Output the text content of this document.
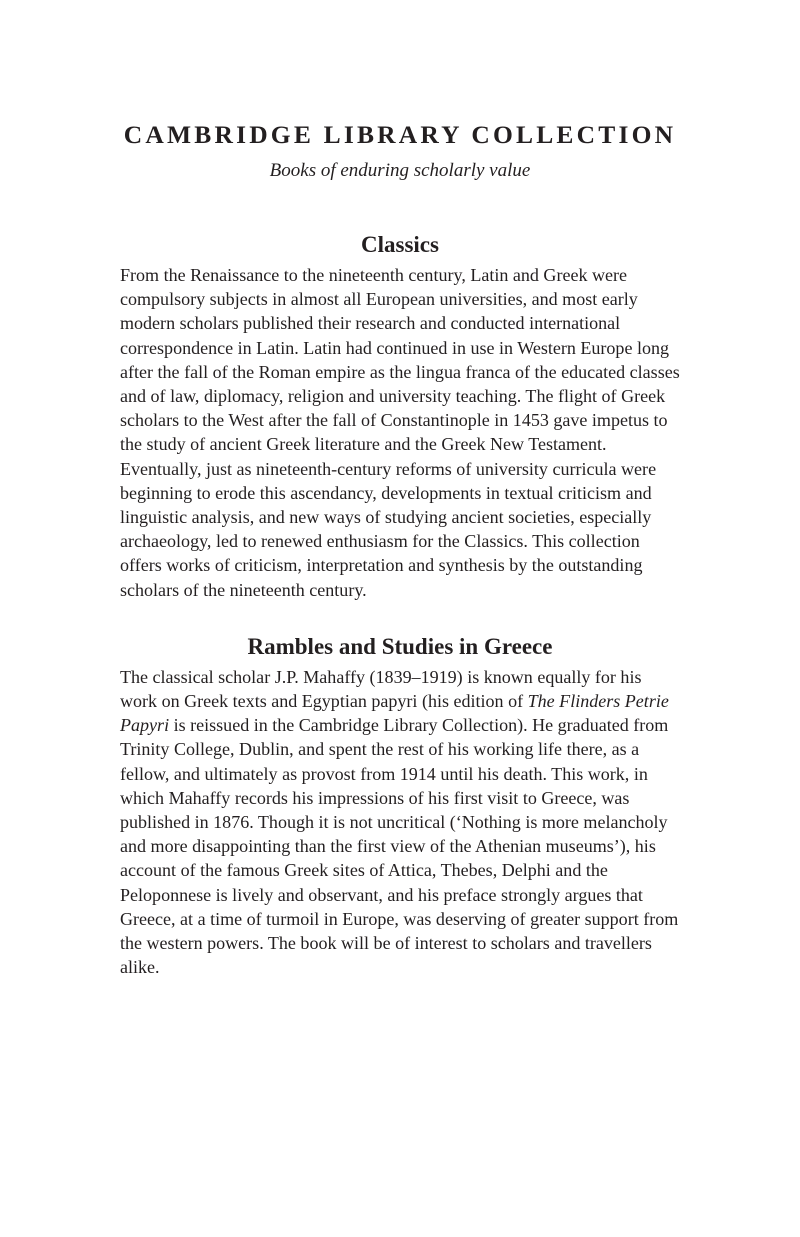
CAMBRIDGE LIBRARY COLLECTION

Books of enduring scholarly value

Classics

From the Renaissance to the nineteenth century, Latin and Greek were compulsory subjects in almost all European universities, and most early modern scholars published their research and conducted international correspondence in Latin. Latin had continued in use in Western Europe long after the fall of the Roman empire as the lingua franca of the educated classes and of law, diplomacy, religion and university teaching. The flight of Greek scholars to the West after the fall of Constantinople in 1453 gave impetus to the study of ancient Greek literature and the Greek New Testament. Eventually, just as nineteenth-century reforms of university curricula were beginning to erode this ascendancy, developments in textual criticism and linguistic analysis, and new ways of studying ancient societies, especially archaeology, led to renewed enthusiasm for the Classics. This collection offers works of criticism, interpretation and synthesis by the outstanding scholars of the nineteenth century.

Rambles and Studies in Greece

The classical scholar J.P. Mahaffy (1839–1919) is known equally for his work on Greek texts and Egyptian papyri (his edition of The Flinders Petrie Papyri is reissued in the Cambridge Library Collection). He graduated from Trinity College, Dublin, and spent the rest of his working life there, as a fellow, and ultimately as provost from 1914 until his death. This work, in which Mahaffy records his impressions of his first visit to Greece, was published in 1876. Though it is not uncritical (‘Nothing is more melancholy and more disappointing than the first view of the Athenian museums’), his account of the famous Greek sites of Attica, Thebes, Delphi and the Peloponnese is lively and observant, and his preface strongly argues that Greece, at a time of turmoil in Europe, was deserving of greater support from the western powers. The book will be of interest to scholars and travellers alike.
